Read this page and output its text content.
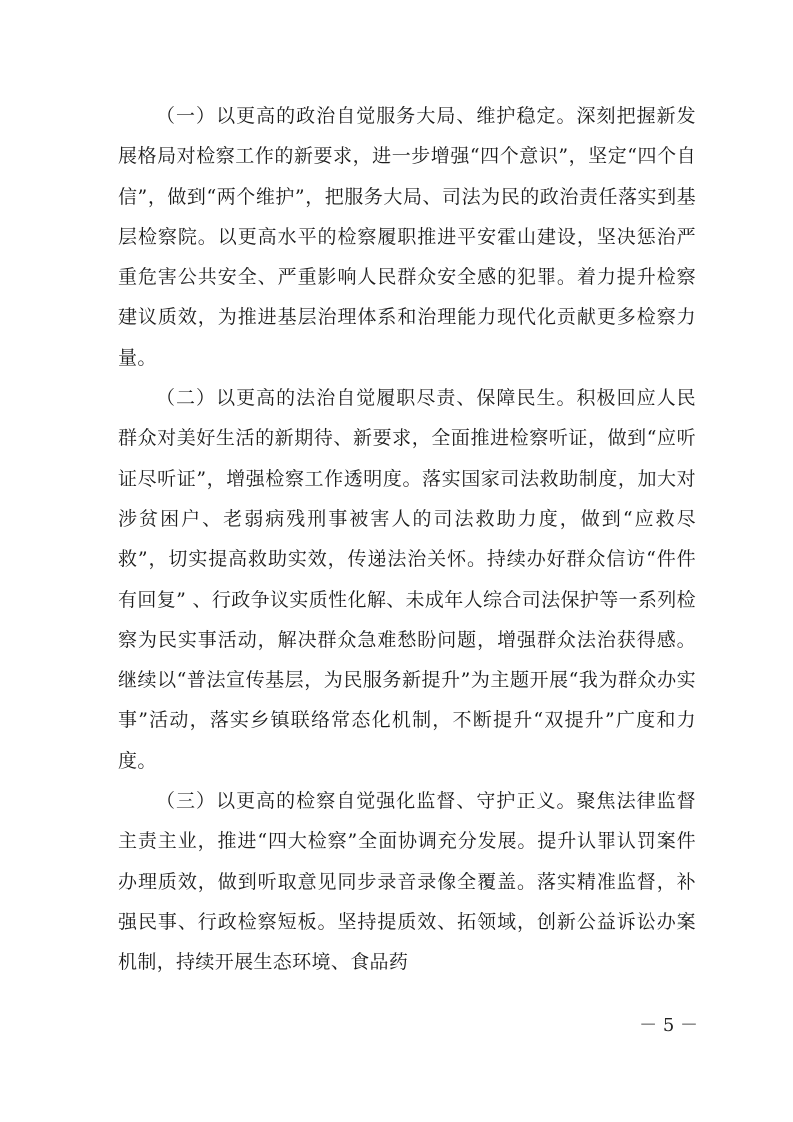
（一）以更高的政治自觉服务大局、维护稳定。深刻把握新发展格局对检察工作的新要求，进一步增强“四个意识”，坚定“四个自信”，做到“两个维护”，把服务大局、司法为民的政治责任落实到基层检察院。以更高水平的检察履职推进平安霍山建设，坚决惩治严重危害公共安全、严重影响人民群众安全感的犯罪。着力提升检察建议质效，为推进基层治理体系和治理能力现代化贡献更多检察力量。

（二）以更高的法治自觉履职尽责、保障民生。积极回应人民群众对美好生活的新期待、新要求，全面推进检察听证，做到“应听证尽听证”，增强检察工作透明度。落实国家司法救助制度，加大对涉贫困户、老弱病残刑事被害人的司法救助力度，做到“应救尽救”，切实提高救助实效，传递法治关怀。持续办好群众信访“件件有回复” 、行政争议实质性化解、未成年人综合司法保护等一系列检察为民实事活动，解决群众急难愁盼问题，增强群众法治获得感。继续以“普法宣传基层，为民服务新提升”为主题开展“我为群众办实事”活动，落实乡镇联络常态化机制，不断提升“双提升”广度和力度。

（三）以更高的检察自觉强化监督、守护正义。聚焦法律监督主责主业，推进“四大检察”全面协调充分发展。提升认罪认罚案件办理质效，做到听取意见同步录音录像全覆盖。落实精准监督，补强民事、行政检察短板。坚持提质效、拓领域，创新公益诉讼办案机制，持续开展生态环境、食品药

－ 5 －
